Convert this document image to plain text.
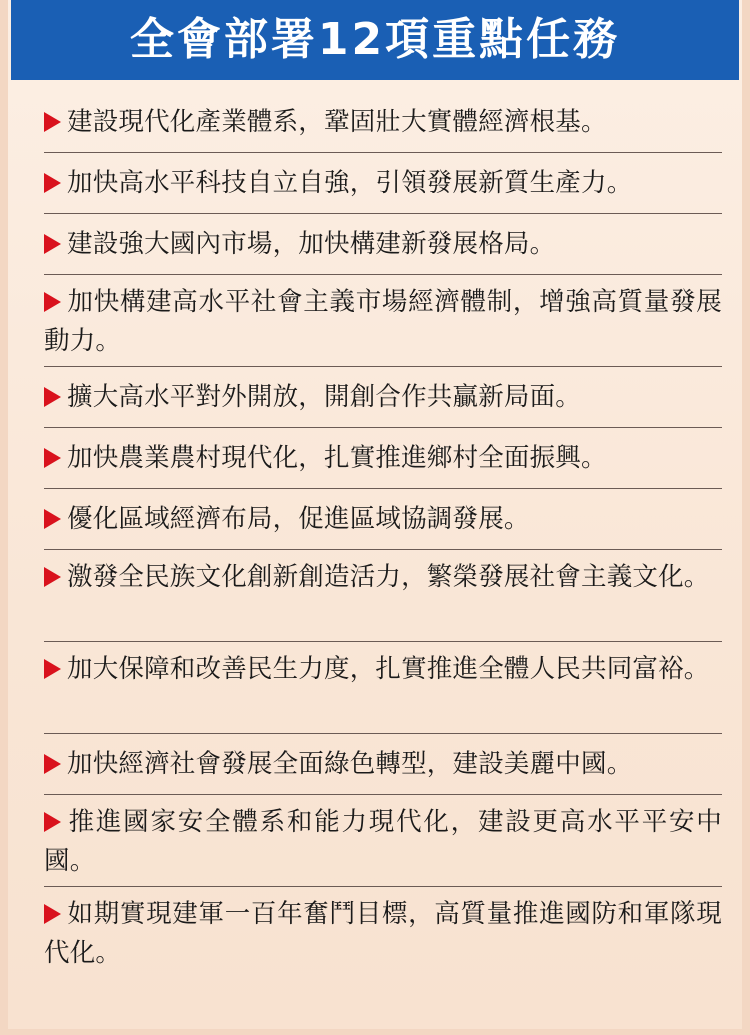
全會部署12項重點任務
建設現代化產業體系，鞏固壯大實體經濟根基。
加快高水平科技自立自強，引領發展新質生產力。
建設強大國內市場，加快構建新發展格局。
加快構建高水平社會主義市場經濟體制，增強高質量發展動力。
擴大高水平對外開放，開創合作共贏新局面。
加快農業農村現代化，扎實推進鄉村全面振興。
優化區域經濟布局，促進區域協調發展。
激發全民族文化創新創造活力，繁榮發展社會主義文化。
加大保障和改善民生力度，扎實推進全體人民共同富裕。
加快經濟社會發展全面綠色轉型，建設美麗中國。
推進國家安全體系和能力現代化，建設更高水平平安中國。
如期實現建軍一百年奮鬥目標，高質量推進國防和軍隊現代化。
